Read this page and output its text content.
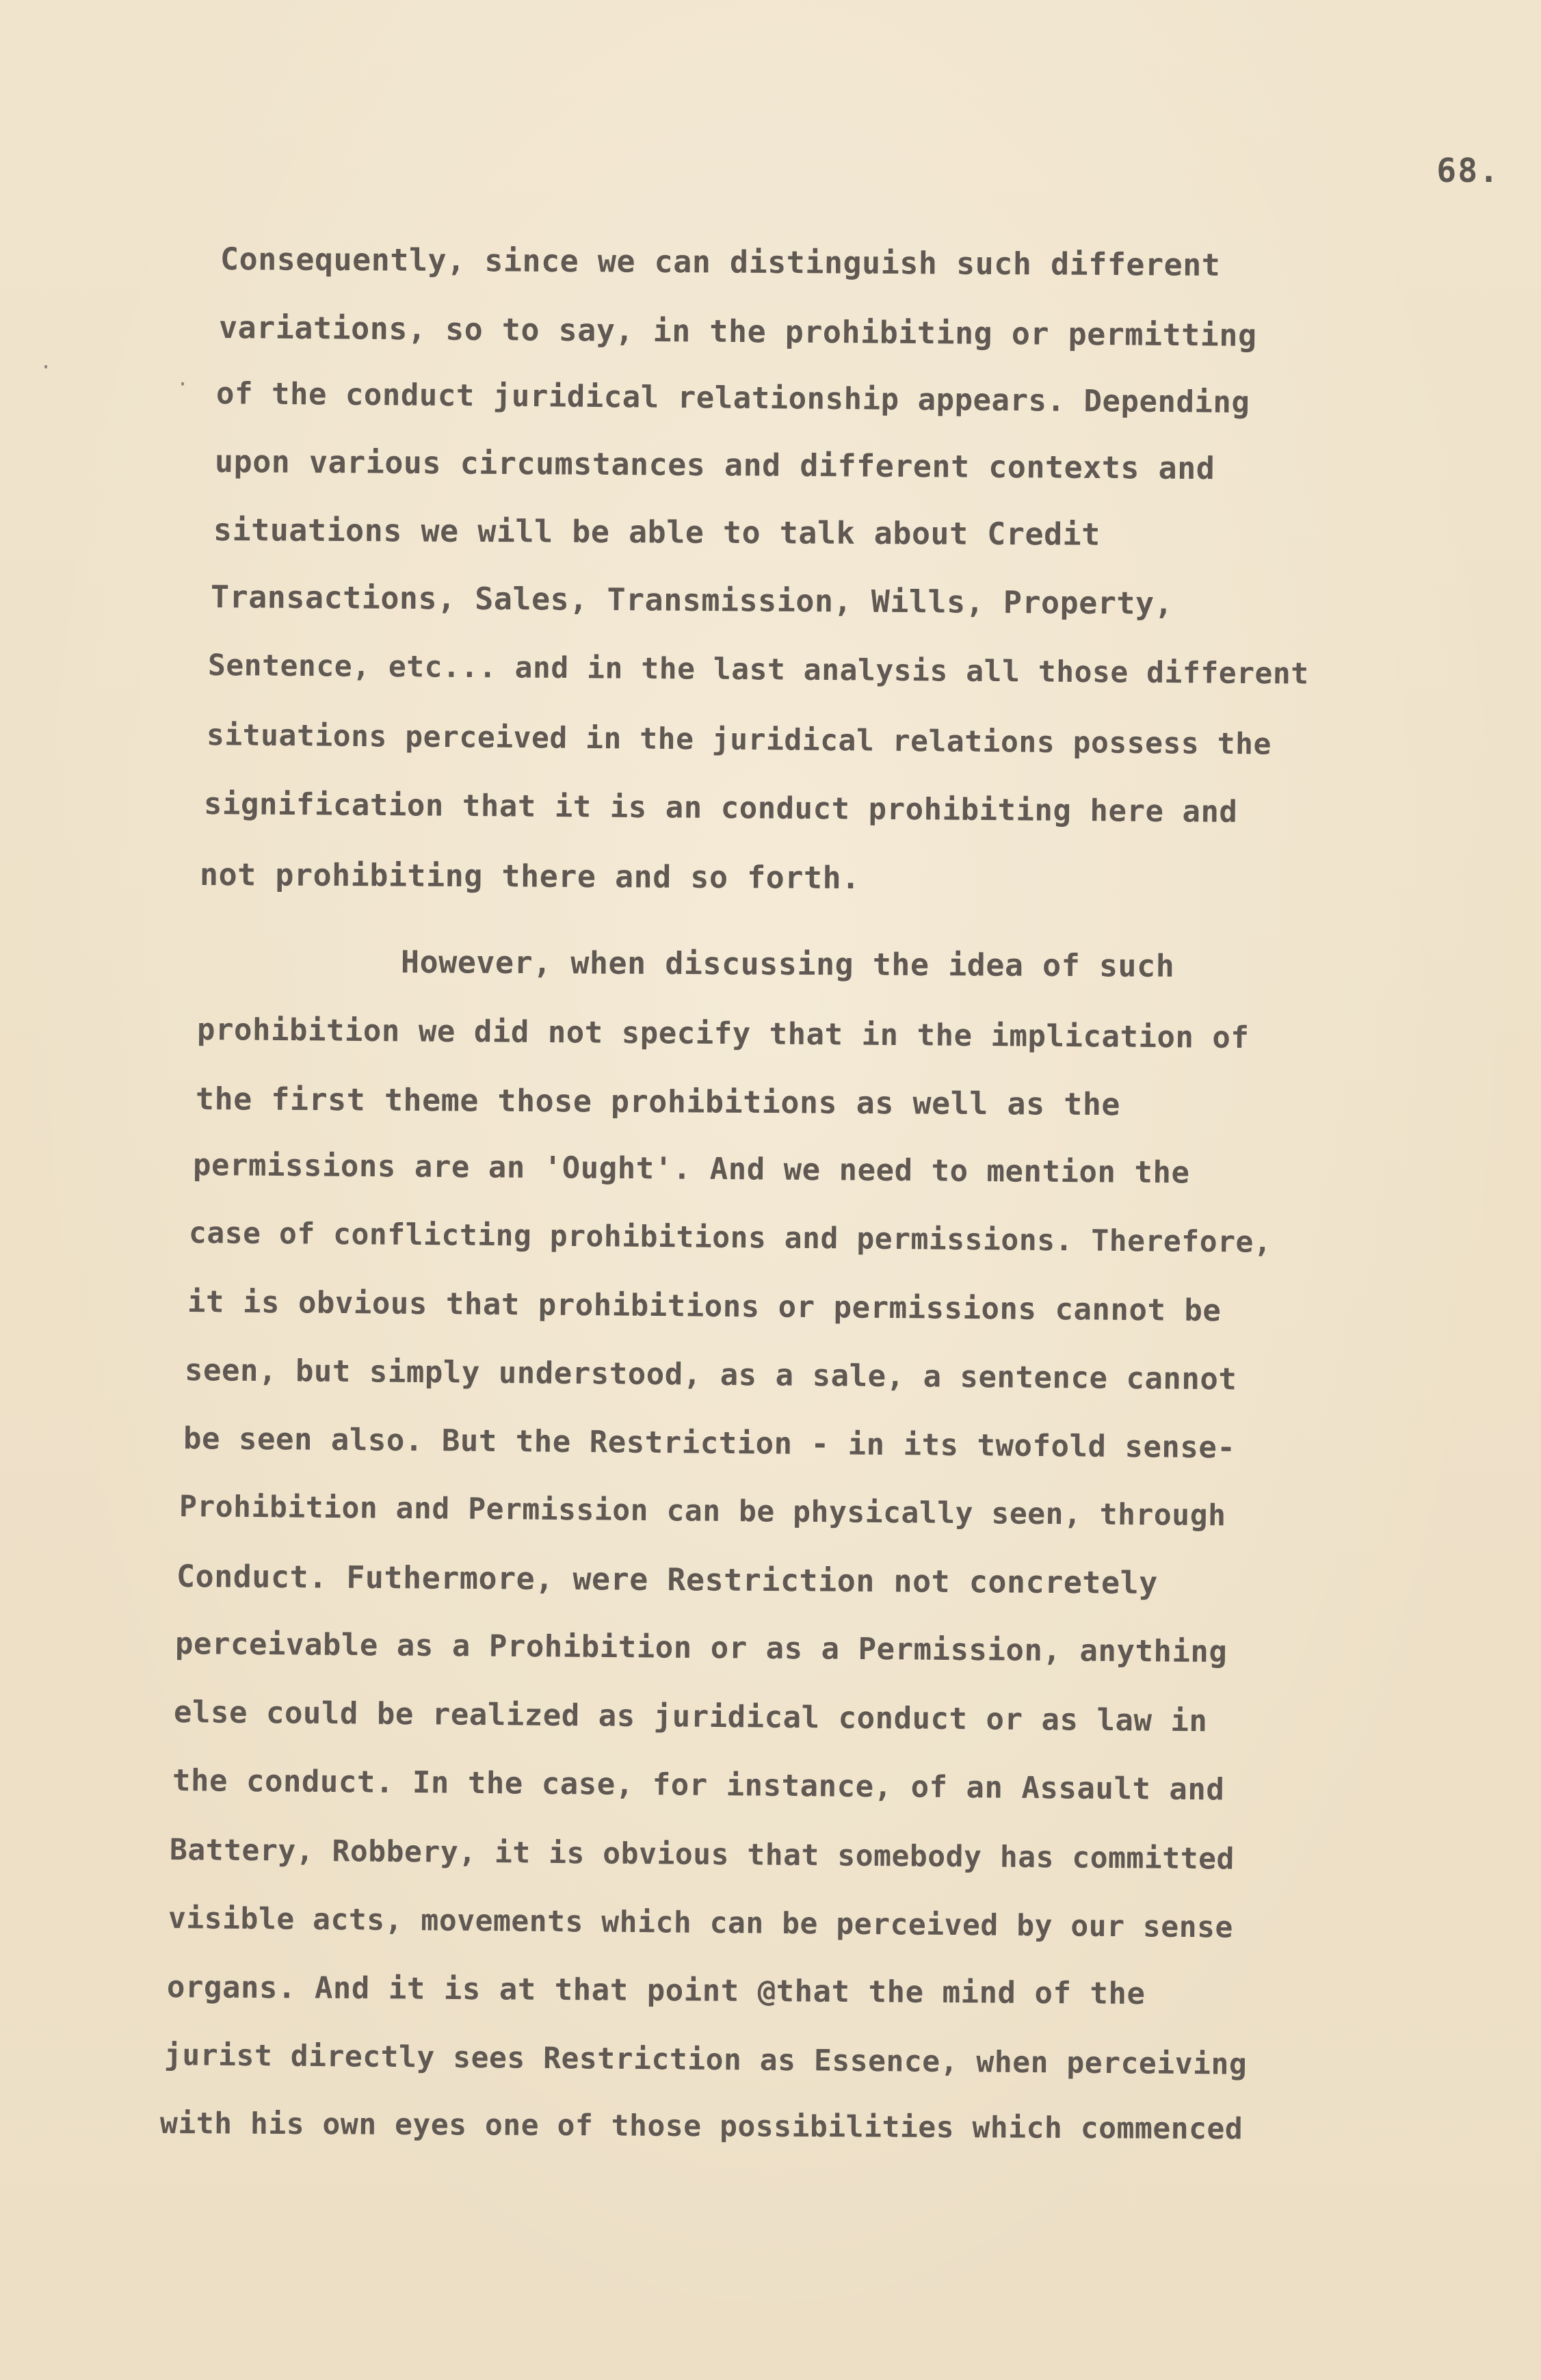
·
·
68.
Consequently, since we can distinguish such different
variations, so to say, in the prohibiting or permitting
of the conduct juridical relationship appears. Depending
upon various circumstances and different contexts and
situations we will be able to talk about Credit
Transactions, Sales, Transmission, Wills, Property,
Sentence, etc... and in the last analysis all those different
situations perceived in the juridical relations possess the
signification that it is an conduct prohibiting here and
not prohibiting there and so forth.
However, when discussing the idea of such
prohibition we did not specify that in the implication of
the first theme those prohibitions as well as the
permissions are an 'Ought'. And we need to mention the
case of conflicting prohibitions and permissions. Therefore,
it is obvious that prohibitions or permissions cannot be
seen, but simply understood, as a sale, a sentence cannot
be seen also. But the Restriction - in its twofold sense-
Prohibition and Permission can be physically seen, through
Conduct. Futhermore, were Restriction not concretely
perceivable as a Prohibition or as a Permission, anything
else could be realized as juridical conduct or as law in
the conduct. In the case, for instance, of an Assault and
Battery, Robbery, it is obvious that somebody has committed
visible acts, movements which can be perceived by our sense
organs. And it is at that point @that the mind of the
jurist directly sees Restriction as Essence, when perceiving
with his own eyes one of those possibilities which commenced
